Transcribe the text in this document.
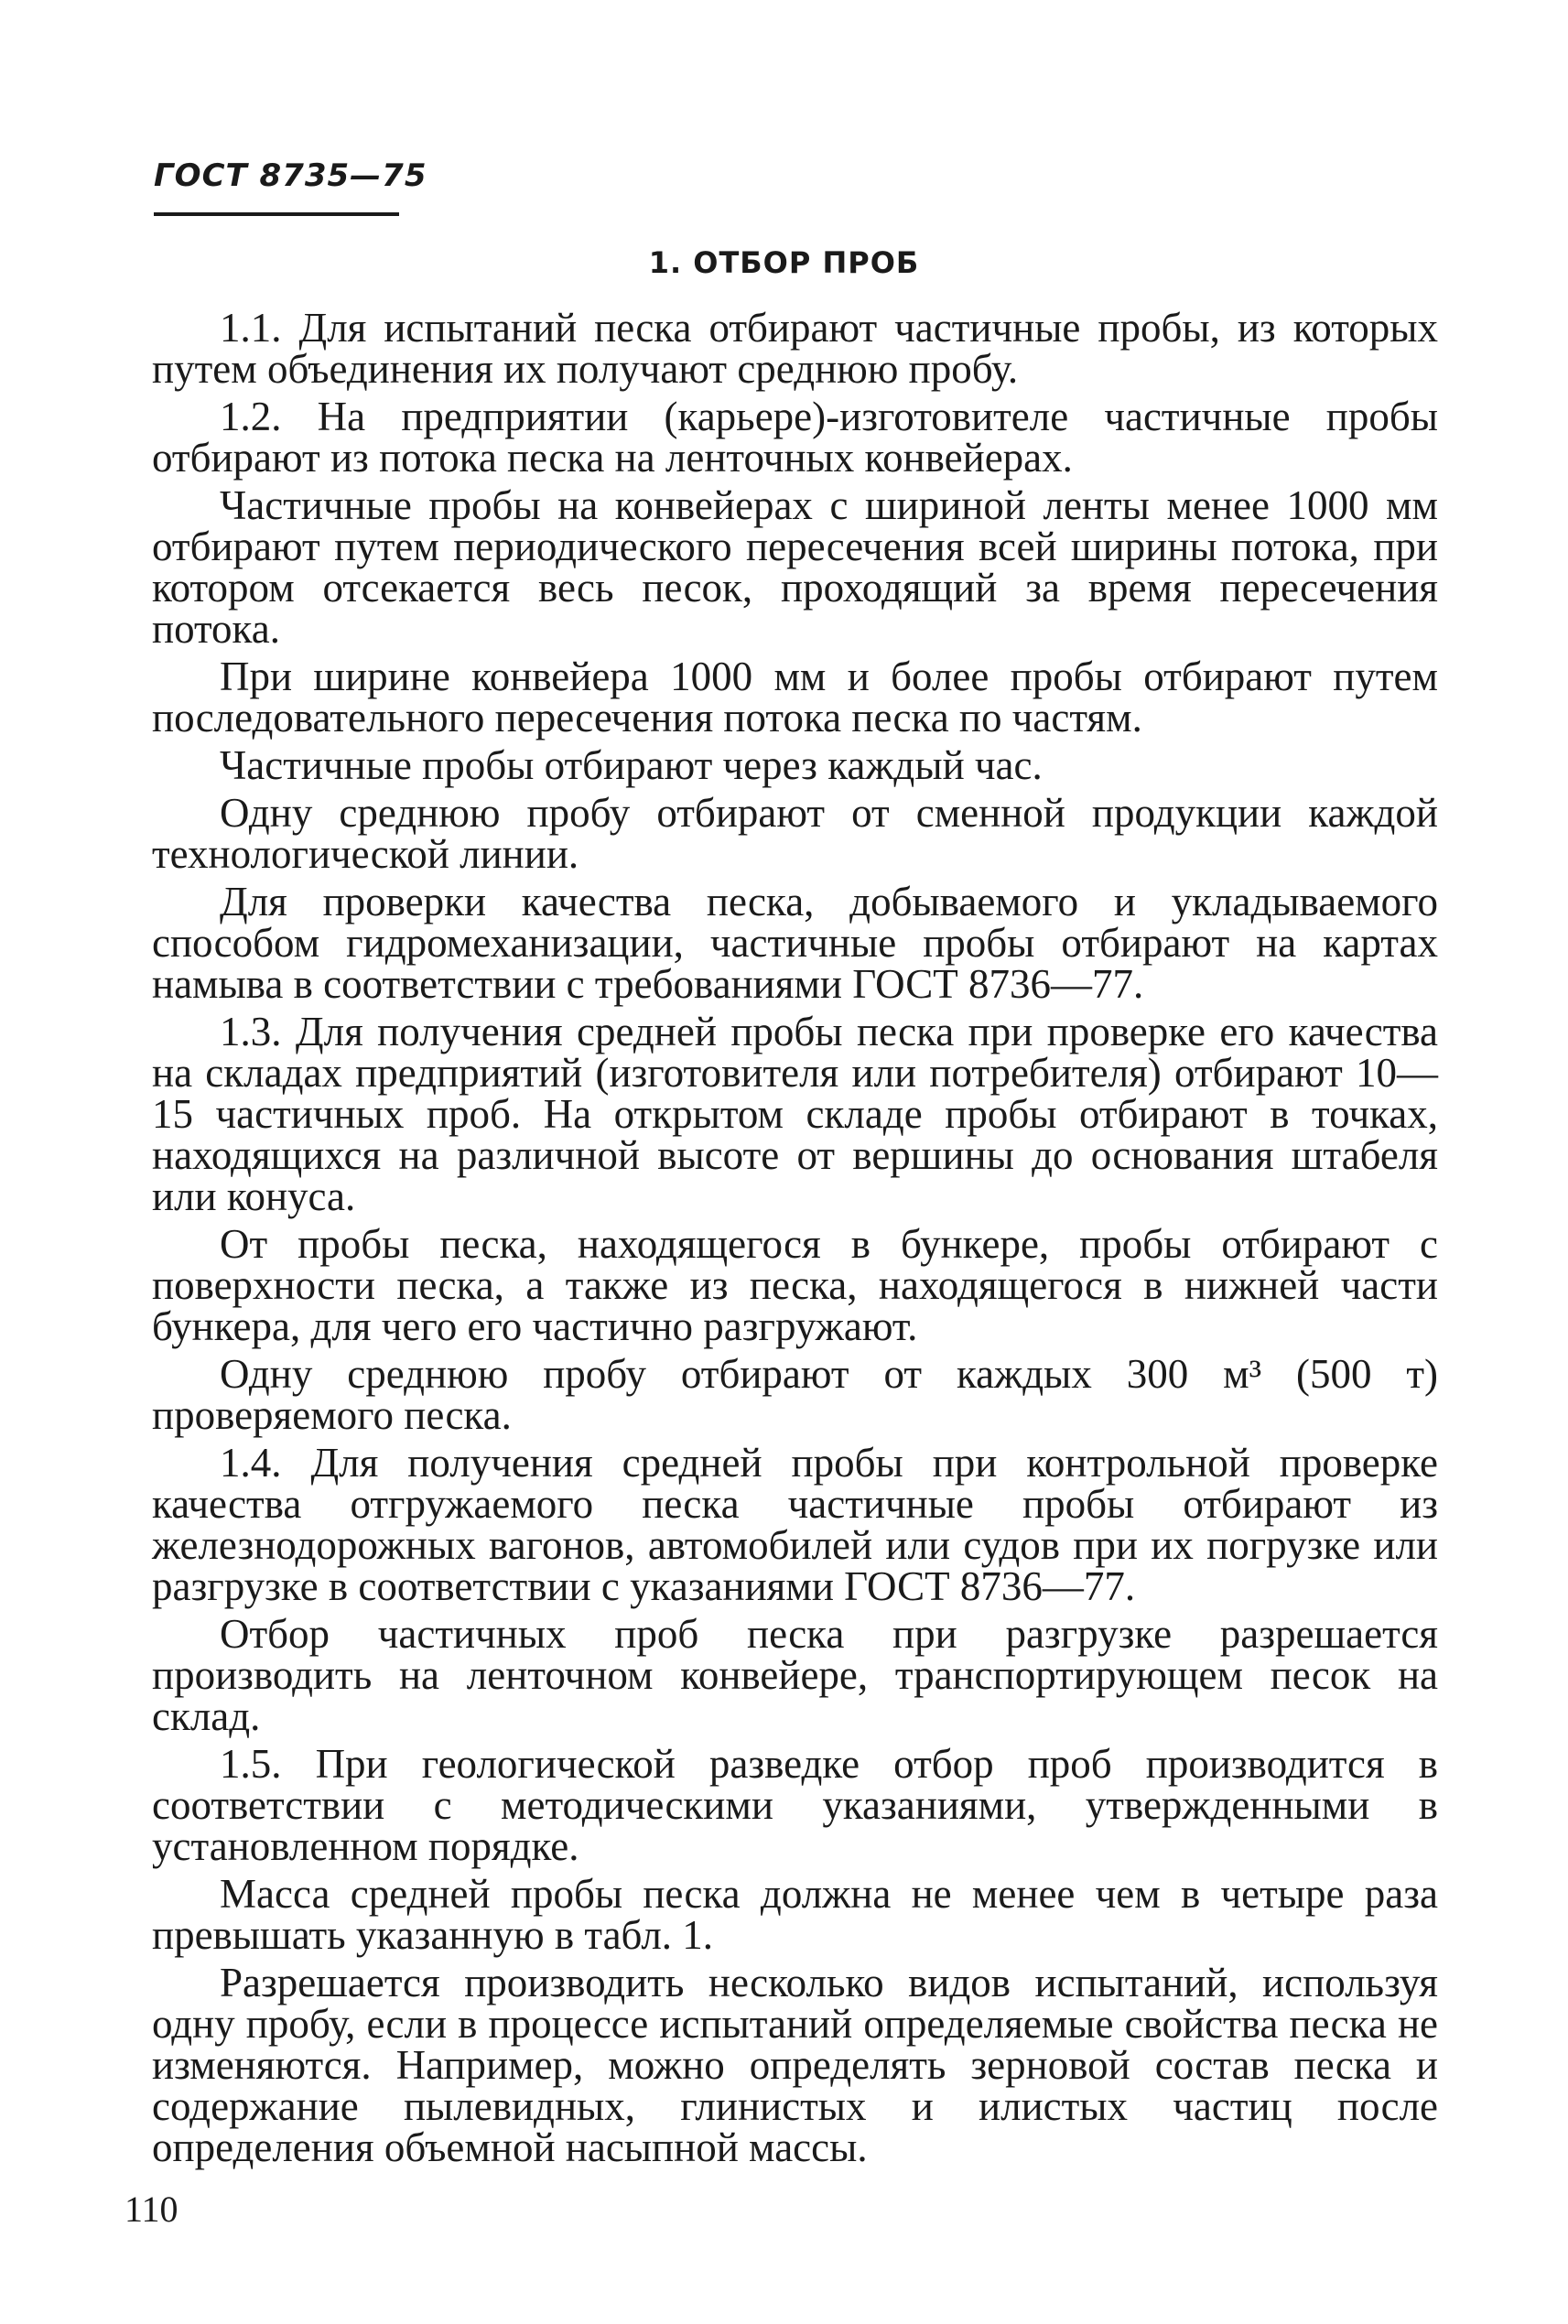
ГОСТ 8735—75
1. ОТБОР ПРОБ

1.1. Для испытаний песка отбирают частичные пробы, из которых путем объединения их получают среднюю пробу.

1.2. На предприятии (карьере)-изготовителе частичные пробы отбирают из потока песка на ленточных конвейерах.

Частичные пробы на конвейерах с шириной ленты менее 1000 мм отбирают путем периодического пересечения всей ширины потока, при котором отсекается весь песок, проходящий за время пересечения потока.

При ширине конвейера 1000 мм и более пробы отбирают путем последовательного пересечения потока песка по частям.

Частичные пробы отбирают через каждый час.

Одну среднюю пробу отбирают от сменной продукции каждой технологической линии.

Для проверки качества песка, добываемого и укладываемого способом гидромеханизации, частичные пробы отбирают на картах намыва в соответствии с требованиями ГОСТ 8736—77.

1.3. Для получения средней пробы песка при проверке его качества на складах предприятий (изготовителя или потребителя) отбирают 10—15 частичных проб. На открытом складе пробы отбирают в точках, находящихся на различной высоте от вершины до основания штабеля или конуса.

От пробы песка, находящегося в бункере, пробы отбирают с поверхности песка, а также из песка, находящегося в нижней части бункера, для чего его частично разгружают.

Одну среднюю пробу отбирают от каждых 300 м³ (500 т) проверяемого песка.

1.4. Для получения средней пробы при контрольной проверке качества отгружаемого песка частичные пробы отбирают из железнодорожных вагонов, автомобилей или судов при их погрузке или разгрузке в соответствии с указаниями ГОСТ 8736—77.

Отбор частичных проб песка при разгрузке разрешается производить на ленточном конвейере, транспортирующем песок на склад.

1.5. При геологической разведке отбор проб производится в соответствии с методическими указаниями, утвержденными в установленном порядке.

Масса средней пробы песка должна не менее чем в четыре раза превышать указанную в табл. 1.

Разрешается производить несколько видов испытаний, используя одну пробу, если в процессе испытаний определяемые свойства песка не изменяются. Например, можно определять зерновой состав песка и содержание пылевидных, глинистых и илистых частиц после определения объемной насыпной массы.

110
